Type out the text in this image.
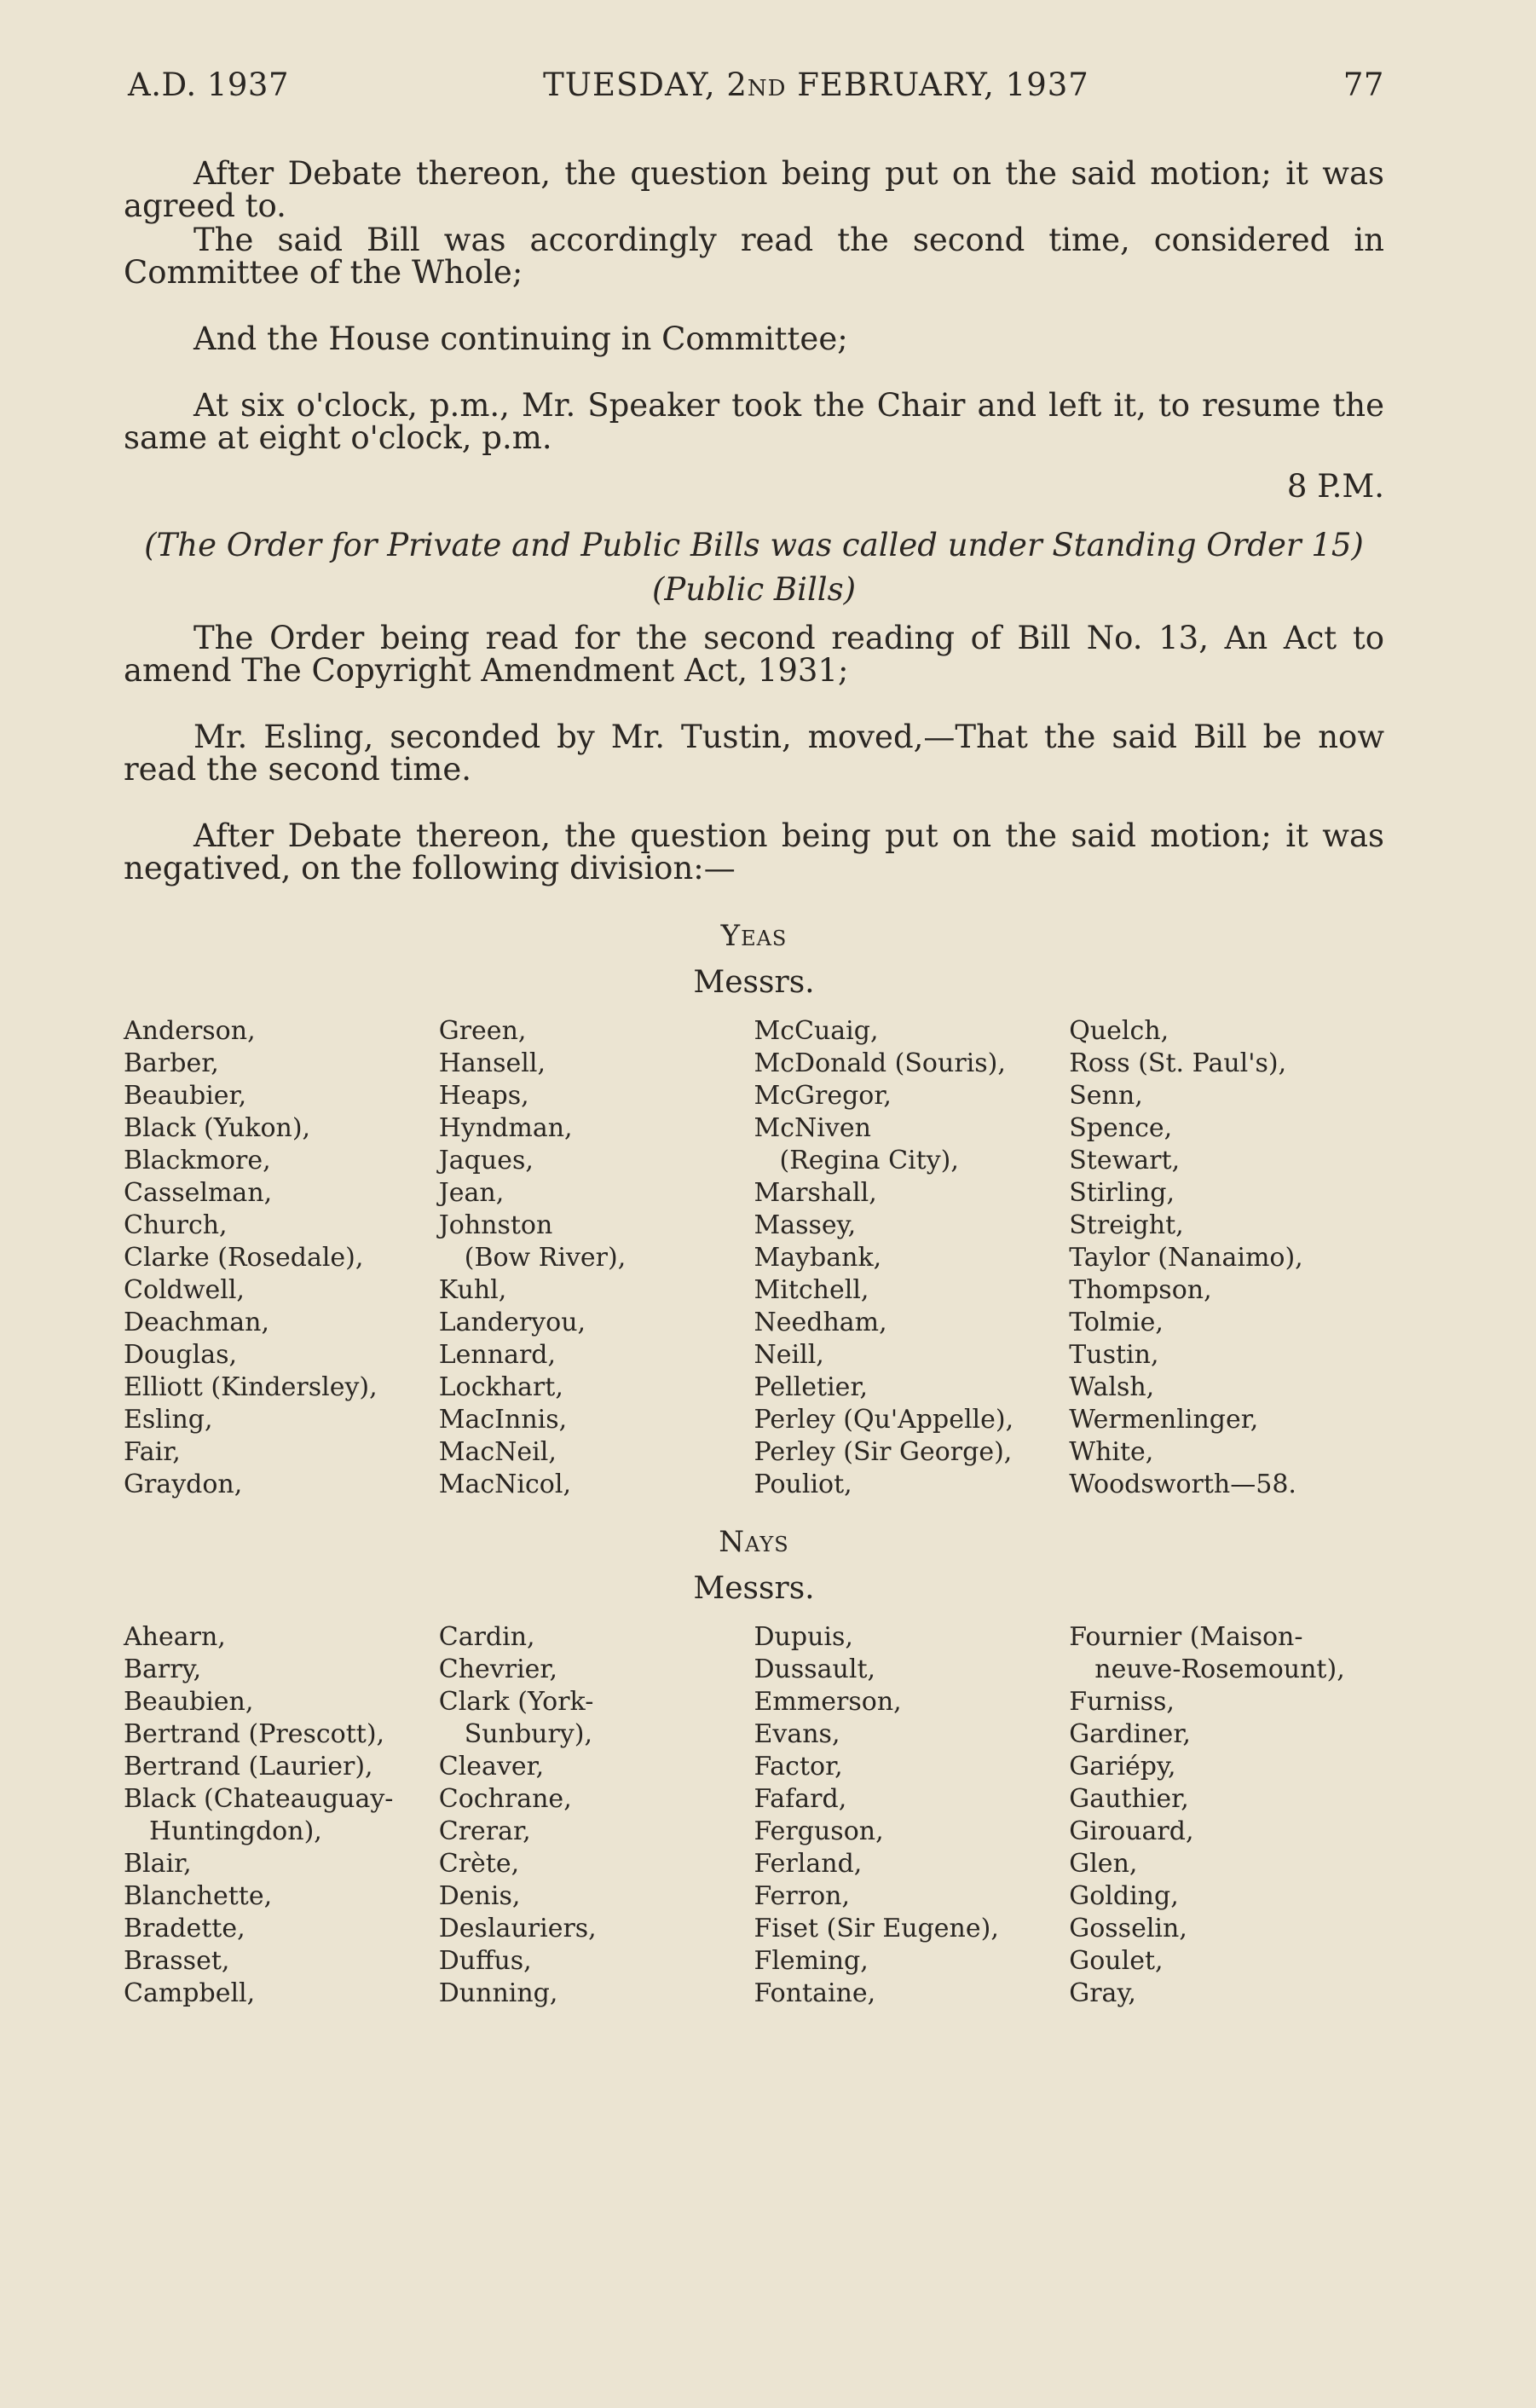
A.D. 1937	TUESDAY, 2nd FEBRUARY, 1937	77

After Debate thereon, the question being put on the said motion; it was agreed to.

The said Bill was accordingly read the second time, considered in Committee of the Whole;

And the House continuing in Committee;

At six o'clock, p.m., Mr. Speaker took the Chair and left it, to resume the same at eight o'clock, p.m.

8 P.M.
(The Order for Private and Public Bills was called under Standing Order 15)
(Public Bills)

The Order being read for the second reading of Bill No. 13, An Act to amend The Copyright Amendment Act, 1931;

Mr. Esling, seconded by Mr. Tustin, moved,—That the said Bill be now read the second time.

After Debate thereon, the question being put on the said motion; it was negatived, on the following division:—

Yeas
Messrs.
Anderson,
Barber,
Beaubier,
Black (Yukon),
Blackmore,
Casselman,
Church,
Clarke (Rosedale),
Coldwell,
Deachman,
Douglas,
Elliott (Kindersley),
Esling,
Fair,
Graydon,
Green,
Hansell,
Heaps,
Hyndman,
Jaques,
Jean,
Johnston
(Bow River),
Kuhl,
Landeryou,
Lennard,
Lockhart,
MacInnis,
MacNeil,
MacNicol,
McCuaig,
McDonald (Souris),
McGregor,
McNiven
(Regina City),
Marshall,
Massey,
Maybank,
Mitchell,
Needham,
Neill,
Pelletier,
Perley (Qu'Appelle),
Perley (Sir George),
Pouliot,
Quelch,
Ross (St. Paul's),
Senn,
Spence,
Stewart,
Stirling,
Streight,
Taylor (Nanaimo),
Thompson,
Tolmie,
Tustin,
Walsh,
Wermenlinger,
White,
Woodsworth—58.
Nays
Messrs.
Ahearn,
Barry,
Beaubien,
Bertrand (Prescott),
Bertrand (Laurier),
Black (Chateauguay-
Huntingdon),
Blair,
Blanchette,
Bradette,
Brasset,
Campbell,
Cardin,
Chevrier,
Clark (York-
Sunbury),
Cleaver,
Cochrane,
Crerar,
Crète,
Denis,
Deslauriers,
Duffus,
Dunning,
Dupuis,
Dussault,
Emmerson,
Evans,
Factor,
Fafard,
Ferguson,
Ferland,
Ferron,
Fiset (Sir Eugene),
Fleming,
Fontaine,
Fournier (Maison-
neuve-Rosemount),
Furniss,
Gardiner,
Gariépy,
Gauthier,
Girouard,
Glen,
Golding,
Gosselin,
Goulet,
Gray,
